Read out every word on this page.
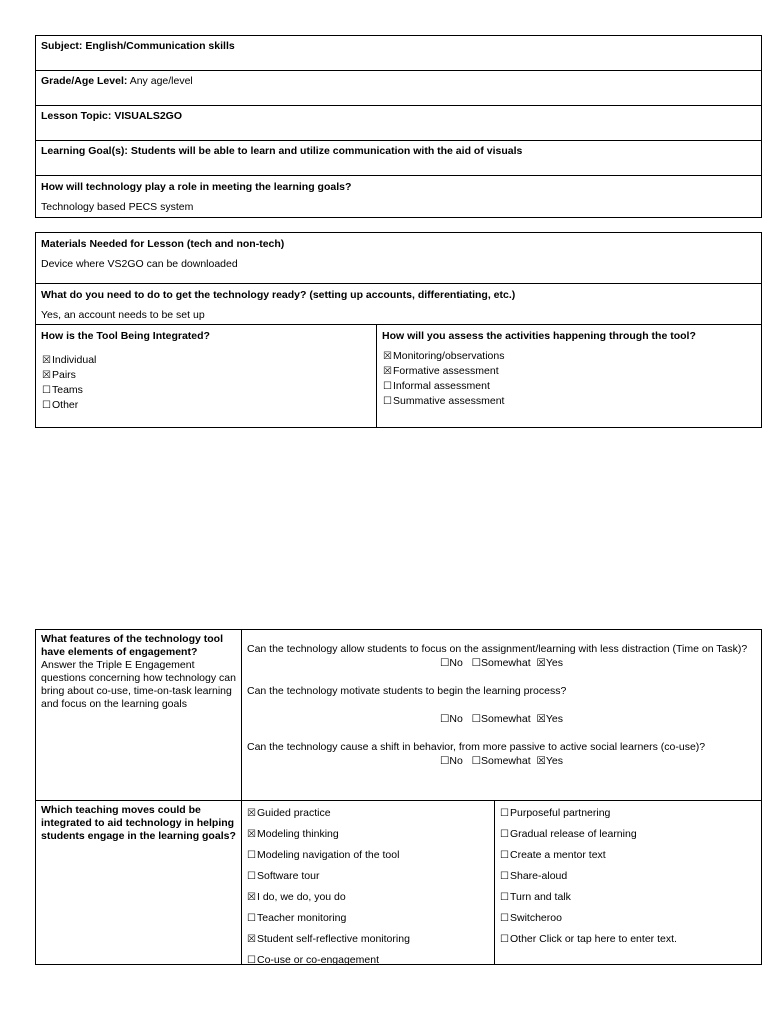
Subject: English/Communication skills
Grade/Age Level: Any age/level
Lesson Topic: VISUALS2GO
Learning Goal(s): Students will be able to learn and utilize communication with the aid of visuals
How will technology play a role in meeting the learning goals?
Technology based PECS system
Materials Needed for Lesson (tech and non-tech)
Device where VS2GO can be downloaded
What do you need to do to get the technology ready? (setting up accounts, differentiating, etc.)
Yes, an account needs to be set up
How is the Tool Being Integrated?
☒Individual
☒Pairs
☐Teams
☐Other
How will you assess the activities happening through the tool?
☒Monitoring/observations
☒Formative assessment
☐Informal assessment
☐Summative assessment
What features of the technology tool have elements of engagement?
Answer the Triple E Engagement questions concerning how technology can bring about co-use, time-on-task learning and focus on the learning goals
Can the technology allow students to focus on the assignment/learning with less distraction (Time on Task)?
☐No ☐Somewhat ☒Yes
Can the technology motivate students to begin the learning process?
☐No ☐Somewhat ☒Yes
Can the technology cause a shift in behavior, from more passive to active social learners (co-use)?
☐No ☐Somewhat ☒Yes
Which teaching moves could be integrated to aid technology in helping students engage in the learning goals?
☒Guided practice
☒Modeling thinking
☐Modeling navigation of the tool
☐Software tour
☒I do, we do, you do
☐Teacher monitoring
☒Student self-reflective monitoring
☐Co-use or co-engagement
☐Purposeful partnering
☐Gradual release of learning
☐Create a mentor text
☐Share-aloud
☐Turn and talk
☐Switcheroo
☐Other Click or tap here to enter text.
